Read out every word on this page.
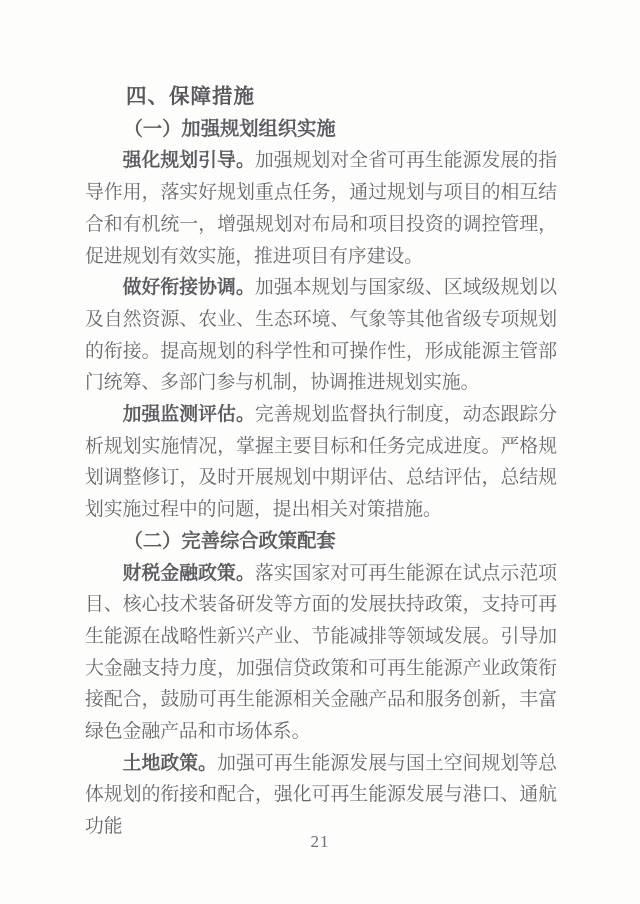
四、保障措施

（一）加强规划组织实施

强化规划引导。加强规划对全省可再生能源发展的指导作用，落实好规划重点任务，通过规划与项目的相互结合和有机统一，增强规划对布局和项目投资的调控管理，促进规划有效实施，推进项目有序建设。

做好衔接协调。加强本规划与国家级、区域级规划以及自然资源、农业、生态环境、气象等其他省级专项规划的衔接。提高规划的科学性和可操作性，形成能源主管部门统筹、多部门参与机制，协调推进规划实施。

加强监测评估。完善规划监督执行制度，动态跟踪分析规划实施情况，掌握主要目标和任务完成进度。严格规划调整修订，及时开展规划中期评估、总结评估，总结规划实施过程中的问题，提出相关对策措施。

（二）完善综合政策配套

财税金融政策。落实国家对可再生能源在试点示范项目、核心技术装备研发等方面的发展扶持政策，支持可再生能源在战略性新兴产业、节能减排等领域发展。引导加大金融支持力度，加强信贷政策和可再生能源产业政策衔接配合，鼓励可再生能源相关金融产品和服务创新，丰富绿色金融产品和市场体系。

土地政策。加强可再生能源发展与国土空间规划等总体规划的衔接和配合，强化可再生能源发展与港口、通航功能

21
